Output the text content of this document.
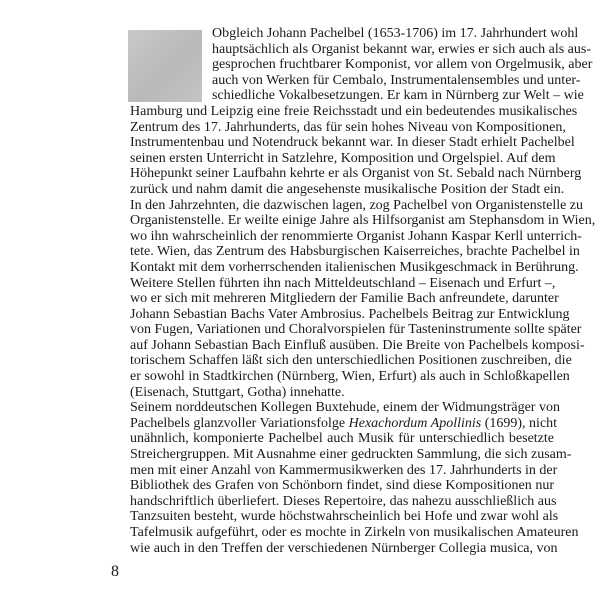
Obgleich Johann Pachelbel (1653-1706) im 17. Jahrhundert wohl
hauptsächlich als Organist bekannt war, erwies er sich auch als aus-
gesprochen fruchtbarer Komponist, vor allem von Orgelmusik, aber
auch von Werken für Cembalo, Instrumentalensembles und unter-
schiedliche Vokalbesetzungen. Er kam in Nürnberg zur Welt – wie
Hamburg und Leipzig eine freie Reichsstadt und ein bedeutendes musikalisches
Zentrum des 17. Jahrhunderts, das für sein hohes Niveau von Kompositionen,
Instrumentenbau und Notendruck bekannt war. In dieser Stadt erhielt Pachelbel
seinen ersten Unterricht in Satzlehre, Komposition und Orgelspiel. Auf dem
Höhepunkt seiner Laufbahn kehrte er als Organist von St. Sebald nach Nürnberg
zurück und nahm damit die angesehenste musikalische Position der Stadt ein.
In den Jahrzehnten, die dazwischen lagen, zog Pachelbel von Organistenstelle zu
Organistenstelle. Er weilte einige Jahre als Hilfsorganist am Stephansdom in Wien,
wo ihn wahrscheinlich der renommierte Organist Johann Kaspar Kerll unterrich-
tete. Wien, das Zentrum des Habsburgischen Kaiserreiches, brachte Pachelbel in
Kontakt mit dem vorherrschenden italienischen Musikgeschmack in Berührung.
Weitere Stellen führten ihn nach Mitteldeutschland – Eisenach und Erfurt –,
wo er sich mit mehreren Mitgliedern der Familie Bach anfreundete, darunter
Johann Sebastian Bachs Vater Ambrosius. Pachelbels Beitrag zur Entwicklung
von Fugen, Variationen und Choralvorspielen für Tasteninstrumente sollte später
auf Johann Sebastian Bach Einfluß ausüben. Die Breite von Pachelbels komposi-
torischem Schaffen läßt sich den unterschiedlichen Positionen zuschreiben, die
er sowohl in Stadtkirchen (Nürnberg, Wien, Erfurt) als auch in Schloßkapellen
(Eisenach, Stuttgart, Gotha) innehatte.
Seinem norddeutschen Kollegen Buxtehude, einem der Widmungsträger von
Pachelbels glanzvoller Variationsfolge Hexachordum Apollinis (1699), nicht
unähnlich, komponierte Pachelbel auch Musik für unterschiedlich besetzte
Streichergruppen. Mit Ausnahme einer gedruckten Sammlung, die sich zusam-
men mit einer Anzahl von Kammermusikwerken des 17. Jahrhunderts in der
Bibliothek des Grafen von Schönborn findet, sind diese Kompositionen nur
handschriftlich überliefert. Dieses Repertoire, das nahezu ausschließlich aus
Tanzsuiten besteht, wurde höchstwahrscheinlich bei Hofe und zwar wohl als
Tafelmusik aufgeführt, oder es mochte in Zirkeln von musikalischen Amateuren
wie auch in den Treffen der verschiedenen Nürnberger Collegia musica, von
8
